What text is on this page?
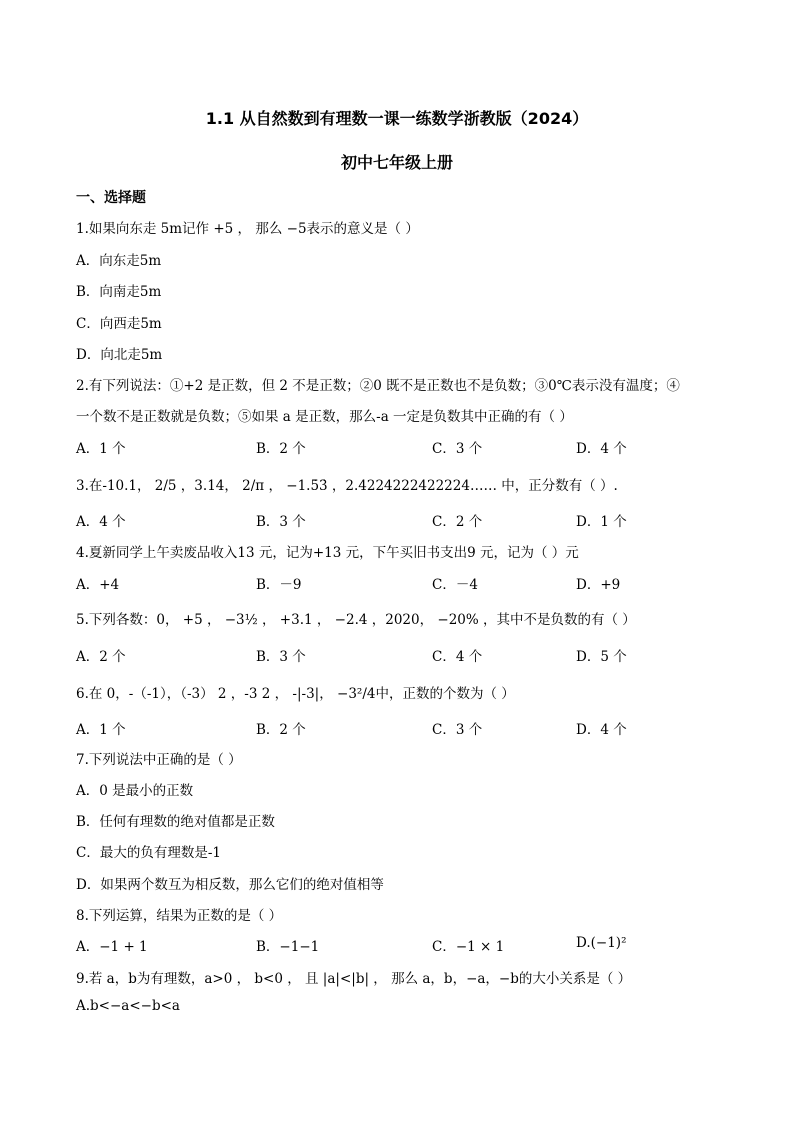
1.1 从自然数到有理数一课一练数学浙教版（2024）
初中七年级上册
一、选择题
1.如果向东走 5m记作 +5 ， 那么 −5表示的意义是（ ）
A．向东走5m
B．向南走5m
C．向西走5m
D．向北走5m
2.有下列说法：①+2 是正数，但 2 不是正数；②0 既不是正数也不是负数；③0℃表示没有温度；④
一个数不是正数就是负数；⑤如果 a 是正数，那么-a 一定是负数其中正确的有（ ）
A．1 个	B．2 个	C．3 个	D．4 个
3.在-10.1， 2/5 ，3.14， 2/π ， −1.5̇3̇ ，2.4224222422224…… 中，正分数有（ ）.
A．4 个	B．3 个	C．2 个	D．1 个
4.夏新同学上午卖废品收入13 元，记为+13 元，下午买旧书支出9 元，记为（ ）元
A．+4	B．－9	C．－4	D．+9
5.下列各数：0， +5 ， −3½ ， +3.1 ， −2.4 ，2020， −20% ，其中不是负数的有（ ）
A．2 个	B．3 个	C．4 个	D．5 个
6.在 0，-（-1），（-3） 2 ，-3 2 ， -|-3|， −3²/4中，正数的个数为（ ）
A．1 个	B．2 个	C．3 个	D．4 个
7.下列说法中正确的是（ ）
A．0 是最小的正数
B．任何有理数的绝对值都是正数
C．最大的负有理数是-1
D．如果两个数互为相反数，那么它们的绝对值相等
8.下列运算，结果为正数的是（ ）
A．−1 + 1	B．−1−1	C．−1 × 1	D.(−1)²
9.若 a，b为有理数，a>0 ， b<0 ， 且 |a|<|b| ， 那么 a，b，−a，−b的大小关系是（ ）
A.b<−a<−b<a
